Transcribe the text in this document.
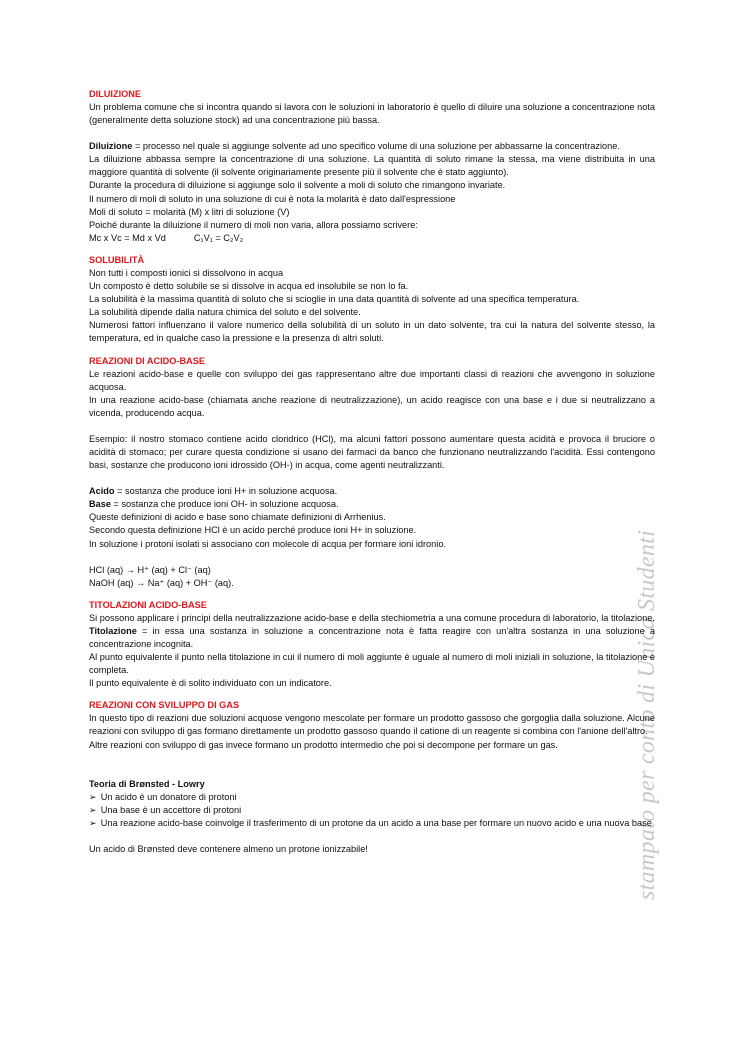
stampato per conto di Unica Studenti

DILUIZIONE

Un problema comune che si incontra quando si lavora con le soluzioni in laboratorio è quello di diluire una soluzione a concentrazione nota (generalmente detta soluzione stock) ad una concentrazione più bassa.

Diluizione = processo nel quale si aggiunge solvente ad uno specifico volume di una soluzione per abbassarne la concentrazione.

La diluizione abbassa sempre la concentrazione di una soluzione. La quantità di soluto rimane la stessa, ma viene distribuita in una maggiore quantità di solvente (il solvente originariamente presente più il solvente che è stato aggiunto).

Durante la procedura di diluizione si aggiunge solo il solvente a moli di soluto che rimangono invariate.

Il numero di moli di soluto in una soluzione di cui è nota la molarità è dato dall'espressione

Moli di soluto = molarità (M) x litri di soluzione (V)

Poiché durante la diluizione il numero di moli non varia, allora possiamo scrivere:

Mc x Vc = Md x Vd	C₁V₁ = C₂V₂

SOLUBILITÀ

Non tutti i composti ionici si dissolvono in acqua

Un composto è detto solubile se si dissolve in acqua ed insolubile se non lo fa.

La solubilità è la massima quantità di soluto che si scioglie in una data quantità di solvente ad una specifica temperatura.

La solubilità dipende dalla natura chimica del soluto e del solvente.

Numerosi fattori influenzano il valore numerico della solubilità di un soluto in un dato solvente, tra cui la natura del solvente stesso, la temperatura, ed in qualche caso la pressione e la presenza di altri soluti.

REAZIONI DI ACIDO-BASE

Le reazioni acido-base e quelle con sviluppo dei gas rappresentano altre due importanti classi di reazioni che avvengono in soluzione acquosa.

In una reazione acido-base (chiamata anche reazione di neutralizzazione), un acido reagisce con una base e i due si neutralizzano a vicenda, producendo acqua.

Esempio: il nostro stomaco contiene acido cloridrico (HCl), ma alcuni fattori possono aumentare questa acidità e provoca il bruciore o acidità di stomaco; per curare questa condizione si usano dei farmaci da banco che funzionano neutralizzando l'acidità. Essi contengono basi, sostanze che producono ioni idrossido (OH-) in acqua, come agenti neutralizzanti.

Acido = sostanza che produce ioni H+ in soluzione acquosa.

Base = sostanza che produce ioni OH- in soluzione acquosa.

Queste definizioni di acido e base sono chiamate definizioni di Arrhenius.

Secondo questa definizione HCl è un acido perché produce ioni H+ in soluzione.

In soluzione i protoni isolati si associano con molecole di acqua per formare ioni idronio.

HCl (aq) → H⁺ (aq) + Cl⁻ (aq)

NaOH (aq) → Na⁺ (aq) + OH⁻ (aq).

TITOLAZIONI ACIDO-BASE

Si possono applicare i principi della neutralizzazione acido-base e della stechiometria a una comune procedura di laboratorio, la titolazione.

Titolazione = in essa una sostanza in soluzione a concentrazione nota è fatta reagire con un'altra sostanza in una soluzione a concentrazione incognita.

Al punto equivalente il punto nella titolazione in cui il numero di moli aggiunte è uguale al numero di moli iniziali in soluzione, la titolazione è completa.

Il punto equivalente è di solito individuato con un indicatore.

REAZIONI CON SVILUPPO DI GAS

In questo tipo di reazioni due soluzioni acquose vengono mescolate per formare un prodotto gassoso che gorgoglia dalla soluzione. Alcune reazioni con sviluppo di gas formano direttamente un prodotto gassoso quando il catione di un reagente si combina con l'anione dell'altro.

Altre reazioni con sviluppo di gas invece formano un prodotto intermedio che poi si decompone per formare un gas.

Teoria di Brønsted - Lowry

➢ Un acido è un donatore di protoni

➢ Una base è un accettore di protoni

➢ Una reazione acido-base coinvolge il trasferimento di un protone da un acido a una base per formare un nuovo acido e una nuova base

Un acido di Brønsted deve contenere almeno un protone ionizzabile!
